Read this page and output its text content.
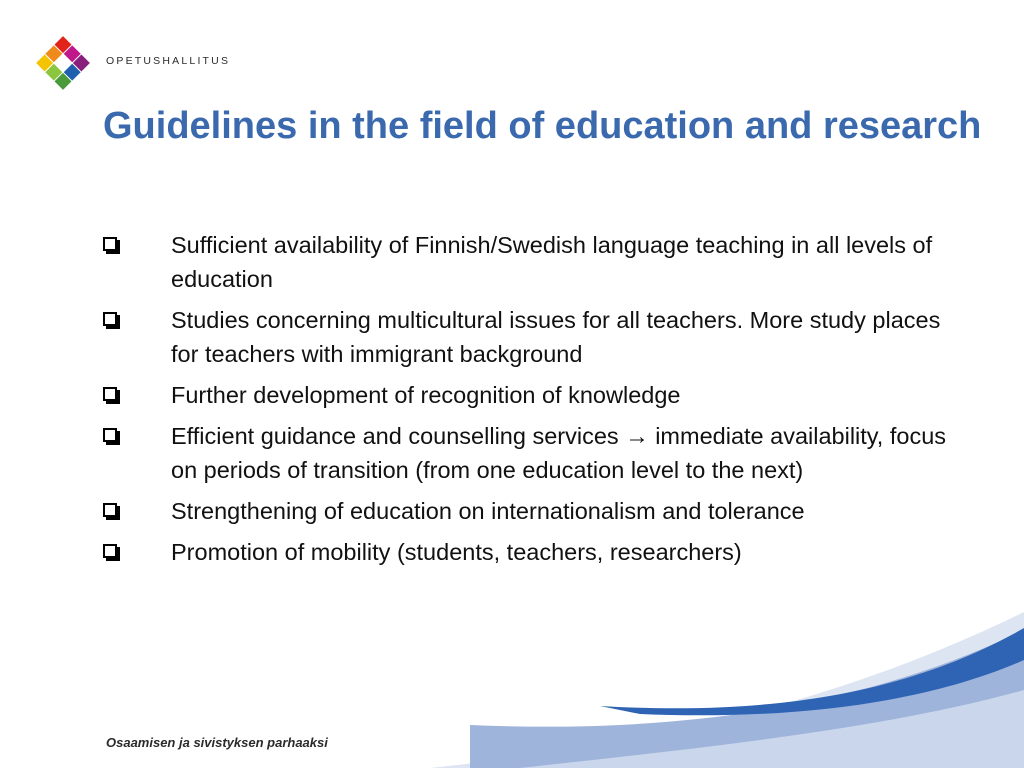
OPETUSHALLITUS
Guidelines in the field of education and research
Sufficient availability of Finnish/Swedish language teaching in all levels of education
Studies concerning multicultural issues for all teachers. More study places for teachers with immigrant background
Further development of recognition of knowledge
Efficient guidance and counselling services → immediate availability, focus on periods of transition (from one education level to the next)
Strengthening of education on internationalism and tolerance
Promotion of mobility (students, teachers, researchers)
Osaamisen ja sivistyksen parhaaksi
